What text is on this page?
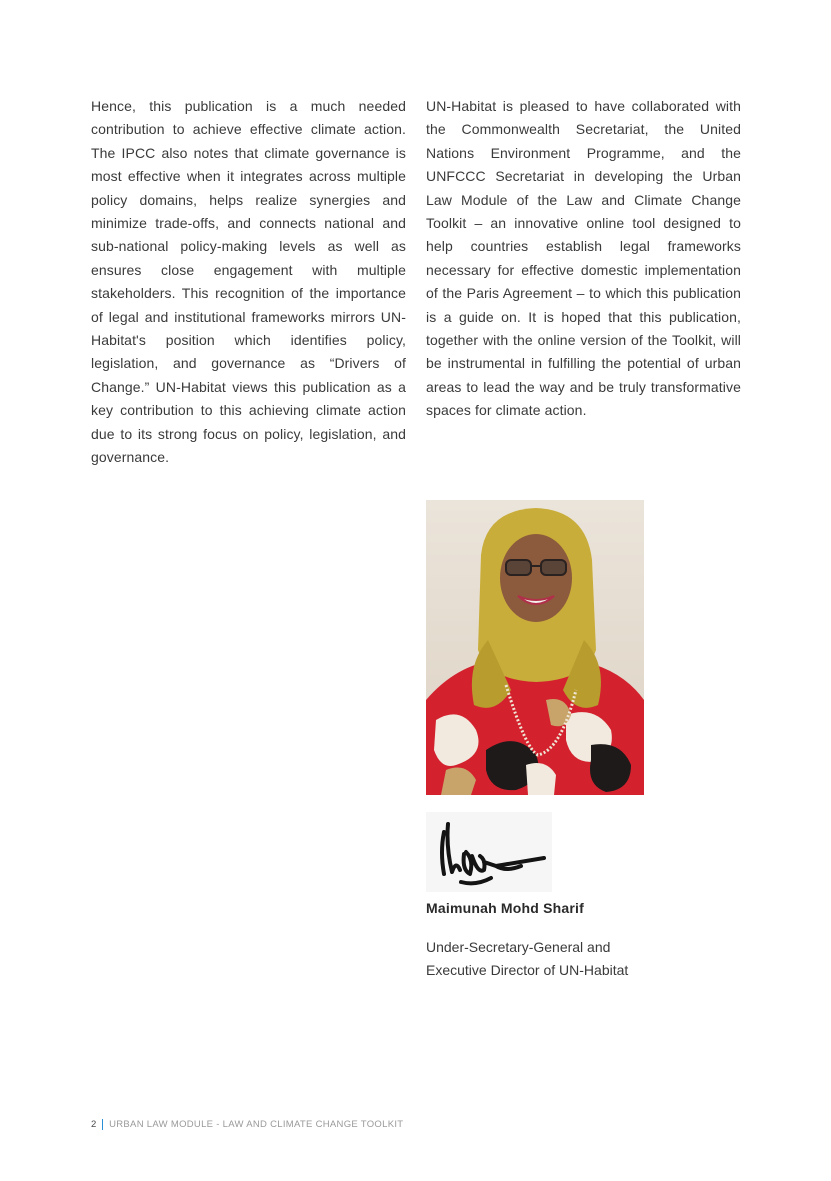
Hence, this publication is a much needed contribution to achieve effective climate action. The IPCC also notes that climate governance is most effective when it integrates across multiple policy domains, helps realize synergies and minimize trade-offs, and connects national and sub-national policy-making levels as well as ensures close engagement with multiple stakeholders. This recognition of the importance of legal and institutional frameworks mirrors UN-Habitat's position which identifies policy, legislation, and governance as “Drivers of Change.” UN-Habitat views this publication as a key contribution to this achieving climate action due to its strong focus on policy, legislation, and governance.

UN-Habitat is pleased to have collaborated with the Commonwealth Secretariat, the United Nations Environment Programme, and the UNFCCC Secretariat in developing the Urban Law Module of the Law and Climate Change Toolkit – an innovative online tool designed to help countries establish legal frameworks necessary for effective domestic implementation of the Paris Agreement – to which this publication is a guide on. It is hoped that this publication, together with the online version of the Toolkit, will be instrumental in fulfilling the potential of urban areas to lead the way and be truly transformative spaces for climate action.

Maimunah Mohd Sharif
Under-Secretary-General and
Executive Director of UN-Habitat
2 URBAN LAW MODULE - LAW AND CLIMATE CHANGE TOOLKIT
